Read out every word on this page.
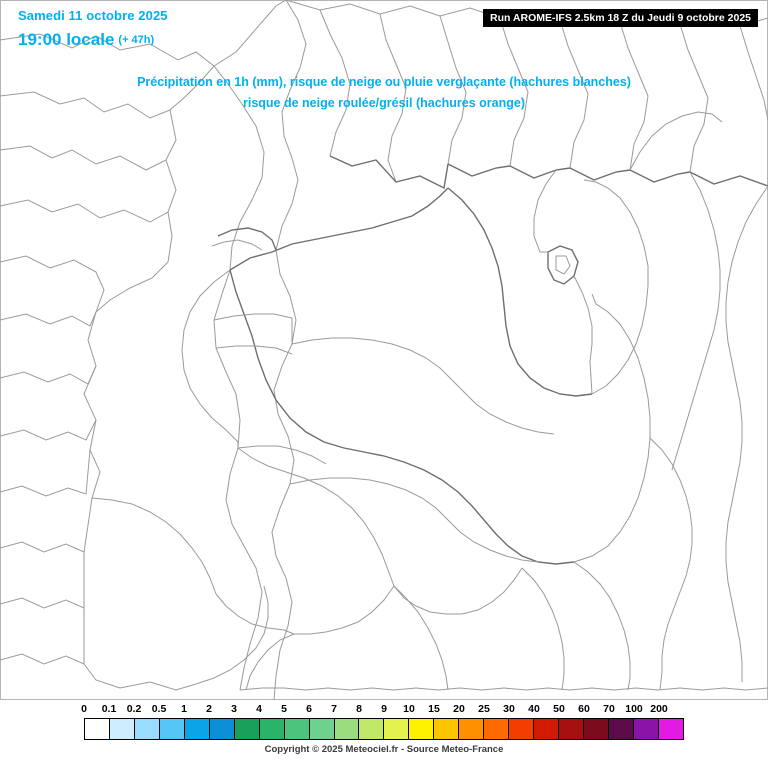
Samedi 11 octobre 2025
19:00 locale (+ 47h)
Run AROME-IFS 2.5km 18 Z du Jeudi 9 octobre 2025
Précipitation en 1h (mm), risque de neige ou pluie verglaçante (hachures blanches)
risque de neige roulée/grésil (hachures orange)
0 0.1 0.2 0.5 1 2 3 4 5 6 7 8 9 10 15 20 25 30 40 50 60 70 100 200
Copyright © 2025 Meteociel.fr - Source Meteo-France
